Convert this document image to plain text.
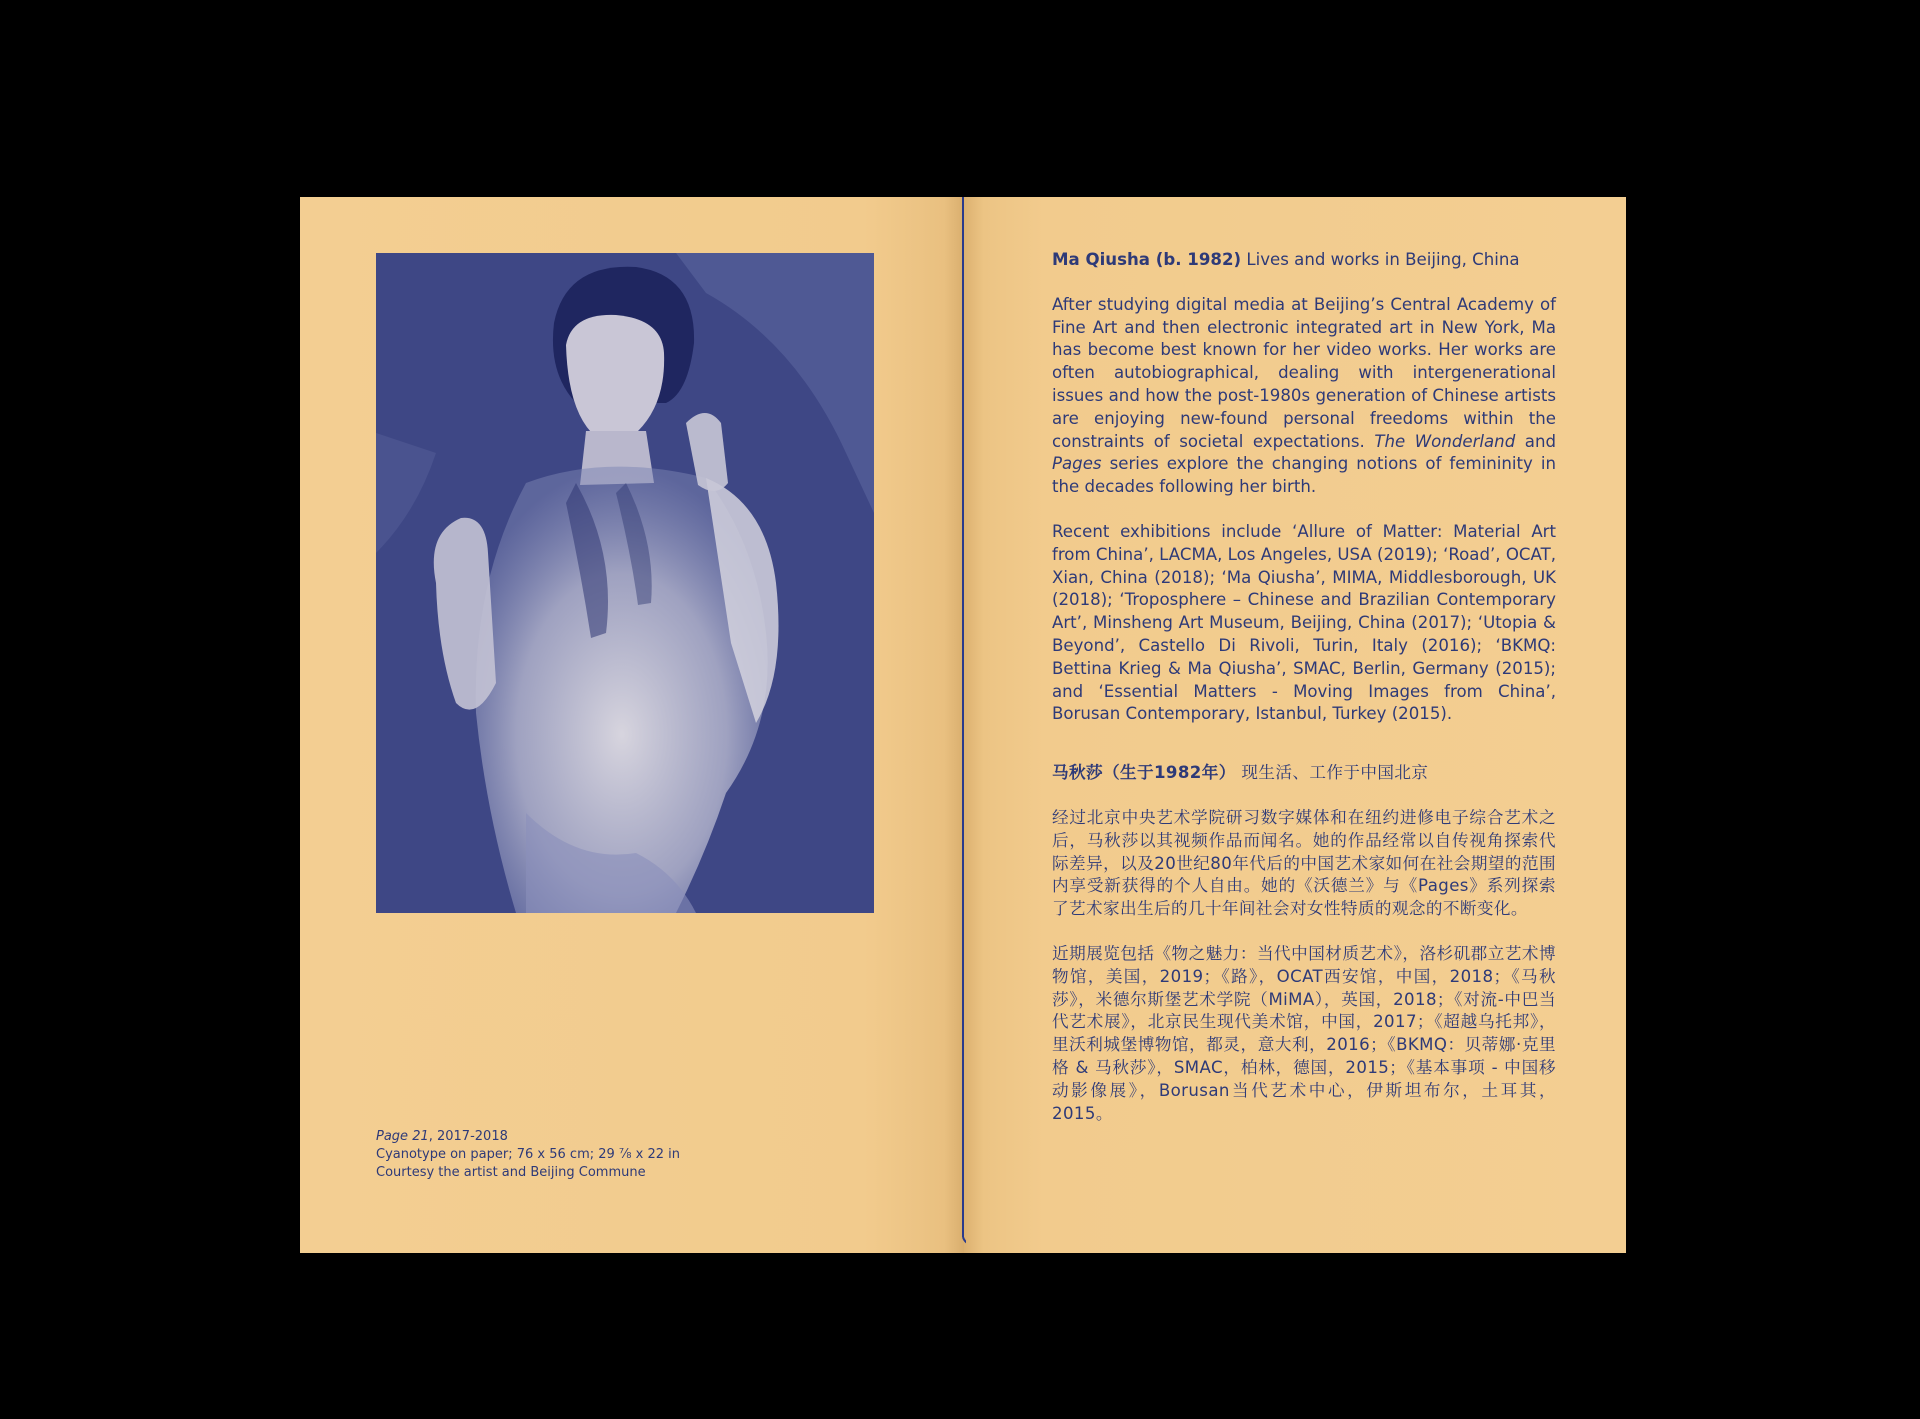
Page 21, 2017-2018
Cyanotype on paper; 76 x 56 cm; 29 ⅞ x 22 in
Courtesy the artist and Beijing Commune

Ma Qiusha (b. 1982) Lives and works in Beijing, China

After studying digital media at Beijing’s Central Academy of Fine Art and then electronic integrated art in New York, Ma has become best known for her video works. Her works are often autobiographical, dealing with intergenerational issues and how the post-1980s generation of Chinese artists are enjoying new-found personal freedoms within the constraints of societal expectations. The Wonderland and Pages series explore the changing notions of femininity in the decades following her birth.

Recent exhibitions include ‘Allure of Matter: Material Art from China’, LACMA, Los Angeles, USA (2019); ‘Road’, OCAT, Xian, China (2018); ‘Ma Qiusha’, MIMA, Middlesborough, UK (2018); ‘Troposphere – Chinese and Brazilian Contemporary Art’, Minsheng Art Museum, Beijing, China (2017); ‘Utopia & Beyond’, Castello Di Rivoli, Turin, Italy (2016); ‘BKMQ: Bettina Krieg & Ma Qiusha’, SMAC, Berlin, Germany (2015); and ‘Essential Matters - Moving Images from China’, Borusan Contemporary, Istanbul, Turkey (2015).

马秋莎（生于1982年） 现生活、工作于中国北京

经过北京中央艺术学院研习数字媒体和在纽约进修电子综合艺术之后，马秋莎以其视频作品而闻名。她的作品经常以自传视角探索代际差异，以及20世纪80年代后的中国艺术家如何在社会期望的范围内享受新获得的个人自由。她的《沃德兰》与《Pages》系列探索了艺术家出生后的几十年间社会对女性特质的观念的不断变化。

近期展览包括《物之魅力：当代中国材质艺术》，洛杉矶郡立艺术博物馆，美国，2019；《路》，OCAT西安馆，中国，2018；《马秋莎》，米德尔斯堡艺术学院（MiMA），英国，2018；《对流-中巴当代艺术展》，北京民生现代美术馆，中国，2017；《超越乌托邦》，里沃利城堡博物馆，都灵，意大利，2016；《BKMQ：贝蒂娜·克里格 & 马秋莎》，SMAC，柏林，德国，2015；《基本事项 - 中国移动影像展》，Borusan当代艺术中心，伊斯坦布尔，土耳其，2015。
